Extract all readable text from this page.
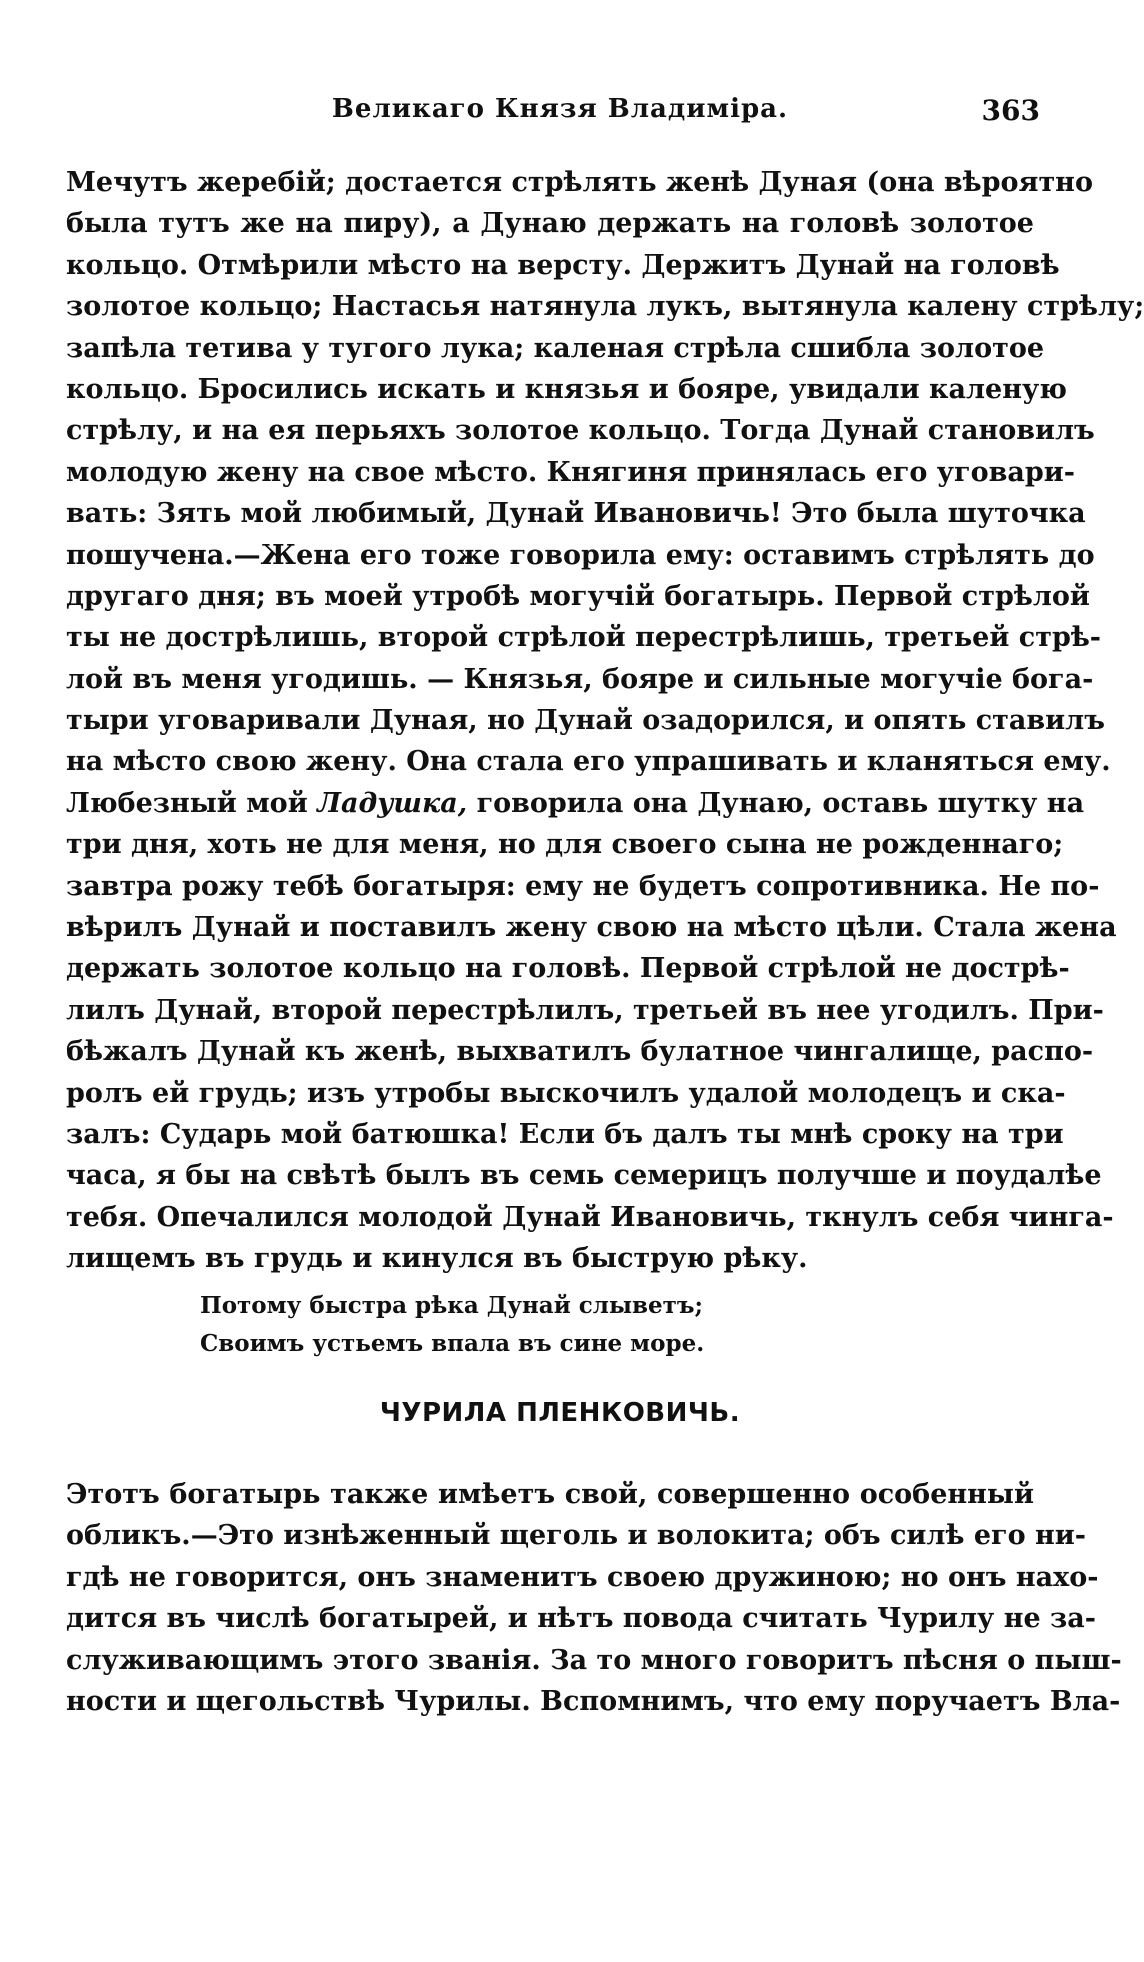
Великаго Князя Владиміра.	363
Мечутъ жеребій; достается стрѣлять женѣ Дуная (она вѣроятно
была тутъ же на пиру), а Дунаю держать на головѣ золотое
кольцо. Отмѣрили мѣсто на версту. Держитъ Дунай на головѣ
золотое кольцо; Настасья натянула лукъ, вытянула калену стрѣлу;
запѣла тетива у тугого лука; каленая стрѣла сшибла золотое
кольцо. Бросились искать и князья и бояре, увидали каленую
стрѣлу, и на ея перьяхъ золотое кольцо. Тогда Дунай становилъ
молодую жену на свое мѣсто. Княгиня принялась его уговари-
вать: Зять мой любимый, Дунай Ивановичь! Это была шуточка
пошучена.—Жена его тоже говорила ему: оставимъ стрѣлять до
другаго дня; въ моей утробѣ могучій богатырь. Первой стрѣлой
ты не дострѣлишь, второй стрѣлой перестрѣлишь, третьей стрѣ-
лой въ меня угодишь. — Князья, бояре и сильные могучіе бога-
тыри уговаривали Дуная, но Дунай озадорился, и опять ставилъ
на мѣсто свою жену. Она стала его упрашивать и кланяться ему.
Любезный мой Ладушка, говорила она Дунаю, оставь шутку на
три дня, хоть не для меня, но для своего сына не рожденнаго;
завтра рожу тебѣ богатыря: ему не будетъ сопротивника. Не по-
вѣрилъ Дунай и поставилъ жену свою на мѣсто цѣли. Стала жена
держать золотое кольцо на головѣ. Первой стрѣлой не дострѣ-
лилъ Дунай, второй перестрѣлилъ, третьей въ нее угодилъ. При-
бѣжалъ Дунай къ женѣ, выхватилъ булатное чингалище, распо-
ролъ ей грудь; изъ утробы выскочилъ удалой молодецъ и ска-
залъ: Сударь мой батюшка! Если бъ далъ ты мнѣ сроку на три
часа, я бы на свѣтѣ былъ въ семь семерицъ получше и поудалѣе
тебя. Опечалился молодой Дунай Ивановичь, ткнулъ себя чинга-
лищемъ въ грудь и кинулся въ быструю рѣку.
Потому быстра рѣка Дунай слыветъ;
Своимъ устьемъ впала въ сине море.
ЧУРИЛА ПЛЕНКОВИЧЬ.
Этотъ богатырь также имѣетъ свой, совершенно особенный
обликъ.—Это изнѣженный щеголь и волокита; объ силѣ его ни-
гдѣ не говорится, онъ знаменитъ своею дружиною; но онъ нахо-
дится въ числѣ богатырей, и нѣтъ повода считать Чурилу не за-
служивающимъ этого званія. За то много говоритъ пѣсня о пыш-
ности и щегольствѣ Чурилы. Вспомнимъ, что ему поручаетъ Вла-
